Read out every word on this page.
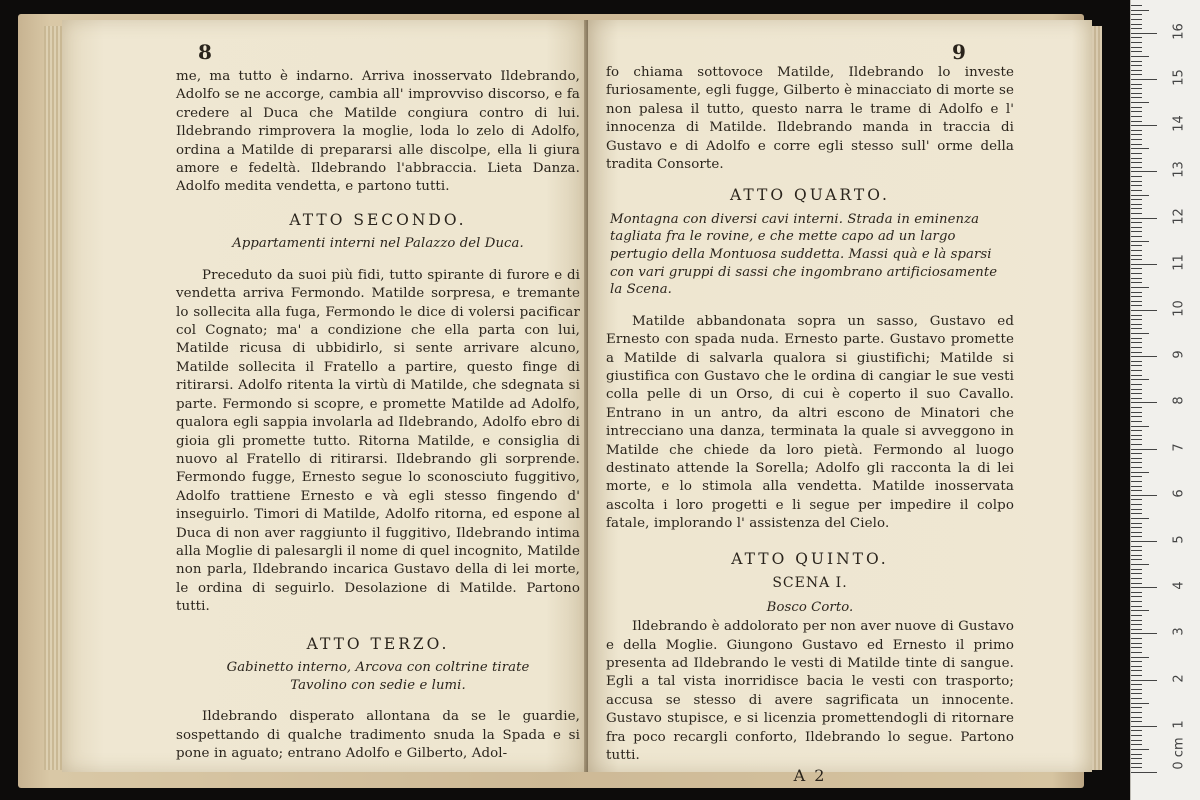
8

me, ma tutto è indarno. Arriva inosservato Ildebrando, Adolfo se ne accorge, cambia all' improvviso discorso, e fa credere al Duca che Matilde congiura contro di lui. Ildebrando rimprovera la moglie, loda lo zelo di Adolfo, ordina a Matilde di prepararsi alle discolpe, ella li giura amore e fedeltà. Ildebrando l'abbraccia. Lieta Danza. Adolfo medita vendetta, e partono tutti.

ATTO SECONDO.
Appartamenti interni nel Palazzo del Duca.

Preceduto da suoi più fidi, tutto spirante di furore e di vendetta arriva Fermondo. Matilde sorpresa, e tremante lo sollecita alla fuga, Fermondo le dice di volersi pacificar col Cognato; ma' a condizione che ella parta con lui, Matilde ricusa di ubbidirlo, si sente arrivare alcuno, Matilde sollecita il Fratello a partire, questo finge di ritirarsi. Adolfo ritenta la virtù di Matilde, che sdegnata si parte. Fermondo si scopre, e promette Matilde ad Adolfo, qualora egli sappia involarla ad Ildebrando, Adolfo ebro di gioia gli promette tutto. Ritorna Matilde, e consiglia di nuovo al Fratello di ritirarsi. Ildebrando gli sorprende. Fermondo fugge, Ernesto segue lo sconosciuto fuggitivo, Adolfo trattiene Ernesto e và egli stesso fingendo d' inseguirlo. Timori di Matilde, Adolfo ritorna, ed espone al Duca di non aver raggiunto il fuggitivo, Ildebrando intima alla Moglie di palesargli il nome di quel incognito, Matilde non parla, Ildebrando incarica Gustavo della di lei morte, le ordina di seguirlo. Desolazione di Matilde. Partono tutti.

ATTO TERZO.
Gabinetto interno, Arcova con coltrine tirate Tavolino con sedie e lumi.

Ildebrando disperato allontana da se le guardie, sospettando di qualche tradimento snuda la Spada e si pone in aguato; entrano Adolfo e Gilberto, Adol-

9

fo chiama sottovoce Matilde, Ildebrando lo investe furiosamente, egli fugge, Gilberto è minacciato di morte se non palesa il tutto, questo narra le trame di Adolfo e l' innocenza di Matilde. Ildebrando manda in traccia di Gustavo e di Adolfo e corre egli stesso sull' orme della tradita Consorte.

ATTO QUARTO.
Montagna con diversi cavi interni. Strada in eminenza tagliata fra le rovine, e che mette capo ad un largo pertugio della Montuosa suddetta. Massi quà e là sparsi con vari gruppi di sassi che ingombrano artificiosamente la Scena.

Matilde abbandonata sopra un sasso, Gustavo ed Ernesto con spada nuda. Ernesto parte. Gustavo promette a Matilde di salvarla qualora si giustifichi; Matilde si giustifica con Gustavo che le ordina di cangiar le sue vesti colla pelle di un Orso, di cui è coperto il suo Cavallo. Entrano in un antro, da altri escono de Minatori che intrecciano una danza, terminata la quale si avveggono in Matilde che chiede da loro pietà. Fermondo al luogo destinato attende la Sorella; Adolfo gli racconta la di lei morte, e lo stimola alla vendetta. Matilde inosservata ascolta i loro progetti e li segue per impedire il colpo fatale, implorando l' assistenza del Cielo.

ATTO QUINTO.
SCENA I.
Bosco Corto.

Ildebrando è addolorato per non aver nuove di Gustavo e della Moglie. Giungono Gustavo ed Ernesto il primo presenta ad Ildebrando le vesti di Matilde tinte di sangue. Egli a tal vista inorridisce bacia le vesti con trasporto; accusa se stesso di avere sagrificata un innocente. Gustavo stupisce, e si licenzia promettendogli di ritornare fra poco recargli conforto, Ildebrando lo segue. Partono tutti.

A 2
0 cm
1
2
3
4
5
6
7
8
9
10
11
12
13
14
15
16
